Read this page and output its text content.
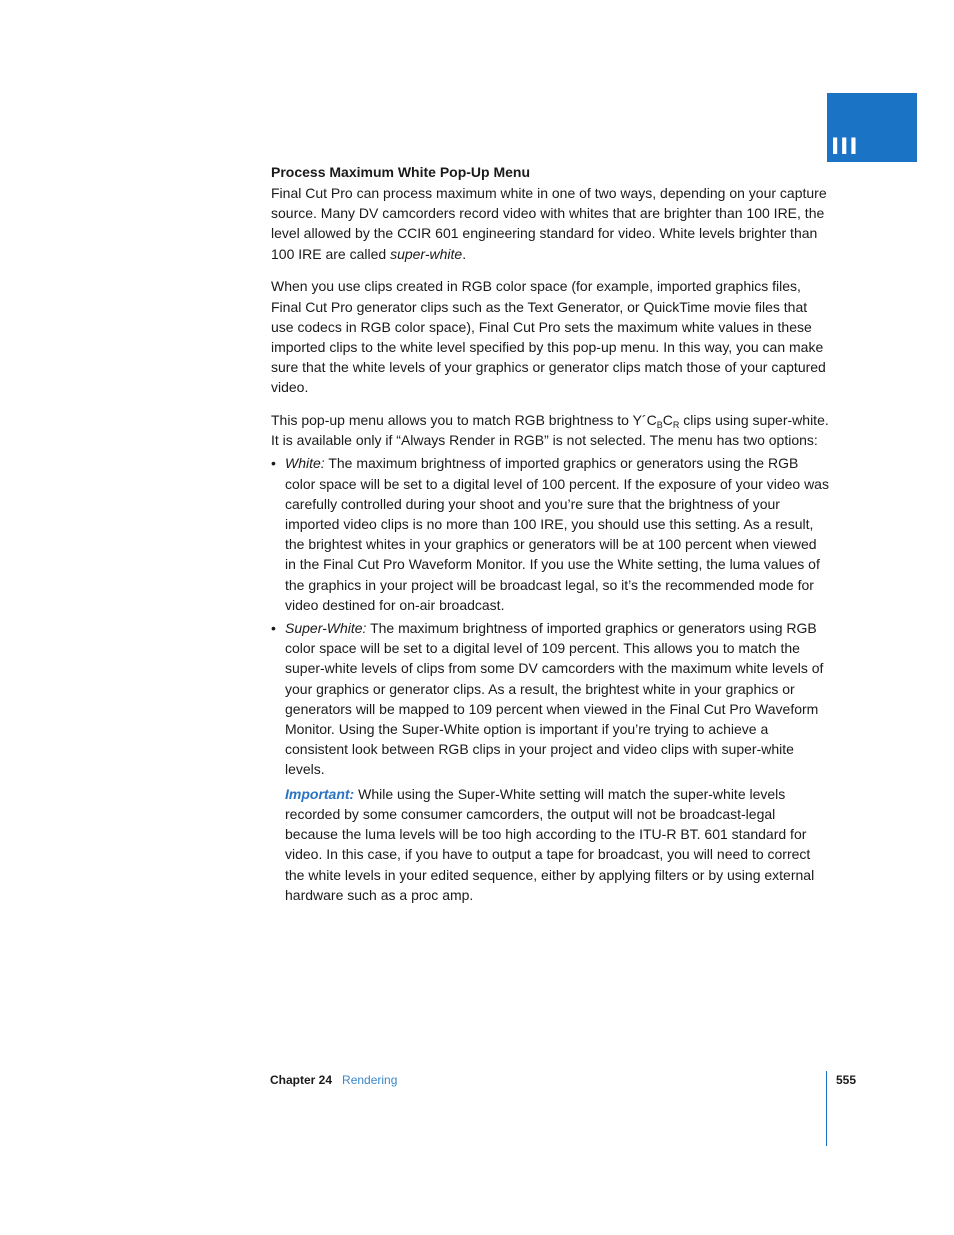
III
Process Maximum White Pop-Up Menu

Final Cut Pro can process maximum white in one of two ways, depending on your capture source. Many DV camcorders record video with whites that are brighter than 100 IRE, the level allowed by the CCIR 601 engineering standard for video. White levels brighter than 100 IRE are called super-white.

When you use clips created in RGB color space (for example, imported graphics files, Final Cut Pro generator clips such as the Text Generator, or QuickTime movie files that use codecs in RGB color space), Final Cut Pro sets the maximum white values in these imported clips to the white level specified by this pop-up menu. In this way, you can make sure that the white levels of your graphics or generator clips match those of your captured video.

This pop-up menu allows you to match RGB brightness to $Y´C_BC_R$ clips using super-white. It is available only if “Always Render in RGB” is not selected. The menu has two options:

• White: The maximum brightness of imported graphics or generators using the RGB color space will be set to a digital level of 100 percent. If the exposure of your video was carefully controlled during your shoot and you’re sure that the brightness of your imported video clips is no more than 100 IRE, you should use this setting. As a result, the brightest whites in your graphics or generators will be at 100 percent when viewed in the Final Cut Pro Waveform Monitor. If you use the White setting, the luma values of the graphics in your project will be broadcast legal, so it’s the recommended mode for video destined for on-air broadcast.
• Super-White: The maximum brightness of imported graphics or generators using RGB color space will be set to a digital level of 109 percent. This allows you to match the super-white levels of clips from some DV camcorders with the maximum white levels of your graphics or generator clips. As a result, the brightest white in your graphics or generators will be mapped to 109 percent when viewed in the Final Cut Pro Waveform Monitor. Using the Super-White option is important if you’re trying to achieve a consistent look between RGB clips in your project and video clips with super-white levels.

Important: While using the Super-White setting will match the super-white levels recorded by some consumer camcorders, the output will not be broadcast-legal because the luma levels will be too high according to the ITU-R BT. 601 standard for video. In this case, if you have to output a tape for broadcast, you will need to correct the white levels in your edited sequence, either by applying filters or by using external hardware such as a proc amp.

Chapter 24 Rendering	555
